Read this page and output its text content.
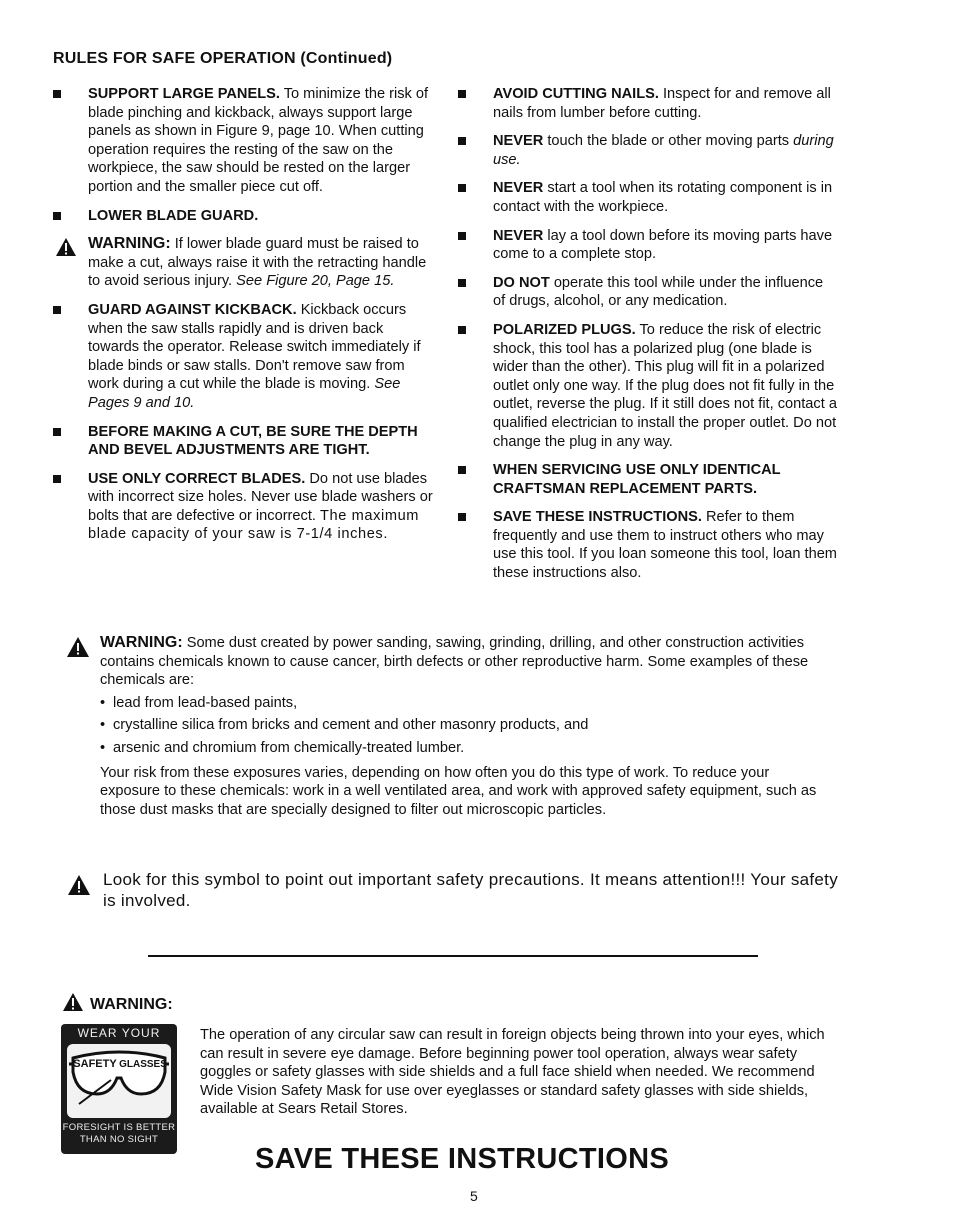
RULES FOR SAFE OPERATION (Continued)
SUPPORT LARGE PANELS. To minimize the risk of blade pinching and kickback, always support large panels as shown in Figure 9, page 10. When cutting operation requires the resting of the saw on the workpiece, the saw should be rested on the larger portion and the smaller piece cut off.
LOWER BLADE GUARD.
WARNING: If lower blade guard must be raised to make a cut, always raise it with the retracting handle to avoid serious injury. See Figure 20, Page 15.
GUARD AGAINST KICKBACK. Kickback occurs when the saw stalls rapidly and is driven back towards the operator. Release switch immediately if blade binds or saw stalls. Don't remove saw from work during a cut while the blade is moving. See Pages 9 and 10.
BEFORE MAKING A CUT, BE SURE THE DEPTH AND BEVEL ADJUSTMENTS ARE TIGHT.
USE ONLY CORRECT BLADES. Do not use blades with incorrect size holes. Never use blade washers or bolts that are defective or incorrect. The maximum blade capacity of your saw is 7-1/4 inches.
AVOID CUTTING NAILS. Inspect for and remove all nails from lumber before cutting.
NEVER touch the blade or other moving parts during use.
NEVER start a tool when its rotating component is in contact with the workpiece.
NEVER lay a tool down before its moving parts have come to a complete stop.
DO NOT operate this tool while under the influence of drugs, alcohol, or any medication.
POLARIZED PLUGS. To reduce the risk of electric shock, this tool has a polarized plug (one blade is wider than the other). This plug will fit in a polarized outlet only one way. If the plug does not fit fully in the outlet, reverse the plug. If it still does not fit, contact a qualified electrician to install the proper outlet. Do not change the plug in any way.
WHEN SERVICING USE ONLY IDENTICAL CRAFTSMAN REPLACEMENT PARTS.
SAVE THESE INSTRUCTIONS. Refer to them frequently and use them to instruct others who may use this tool. If you loan someone this tool, loan them these instructions also.

WARNING: Some dust created by power sanding, sawing, grinding, drilling, and other construction activities contains chemicals known to cause cancer, birth defects or other reproductive harm. Some examples of these chemicals are:

• lead from lead-based paints,
• crystalline silica from bricks and cement and other masonry products, and
• arsenic and chromium from chemically-treated lumber.

Your risk from these exposures varies, depending on how often you do this type of work. To reduce your exposure to these chemicals: work in a well ventilated area, and work with approved safety equipment, such as those dust masks that are specially designed to filter out microscopic particles.

Look for this symbol to point out important safety precautions. It means attention!!! Your safety is involved.
WARNING:
WEAR YOUR
SAFETY GLASSES
FORESIGHT IS BETTER
THAN NO SIGHT
The operation of any circular saw can result in foreign objects being thrown into your eyes, which can result in severe eye damage. Before beginning power tool operation, always wear safety goggles or safety glasses with side shields and a full face shield when needed. We recommend Wide Vision Safety Mask for use over eyeglasses or standard safety glasses with side shields, available at Sears Retail Stores.
SAVE THESE INSTRUCTIONS
5
